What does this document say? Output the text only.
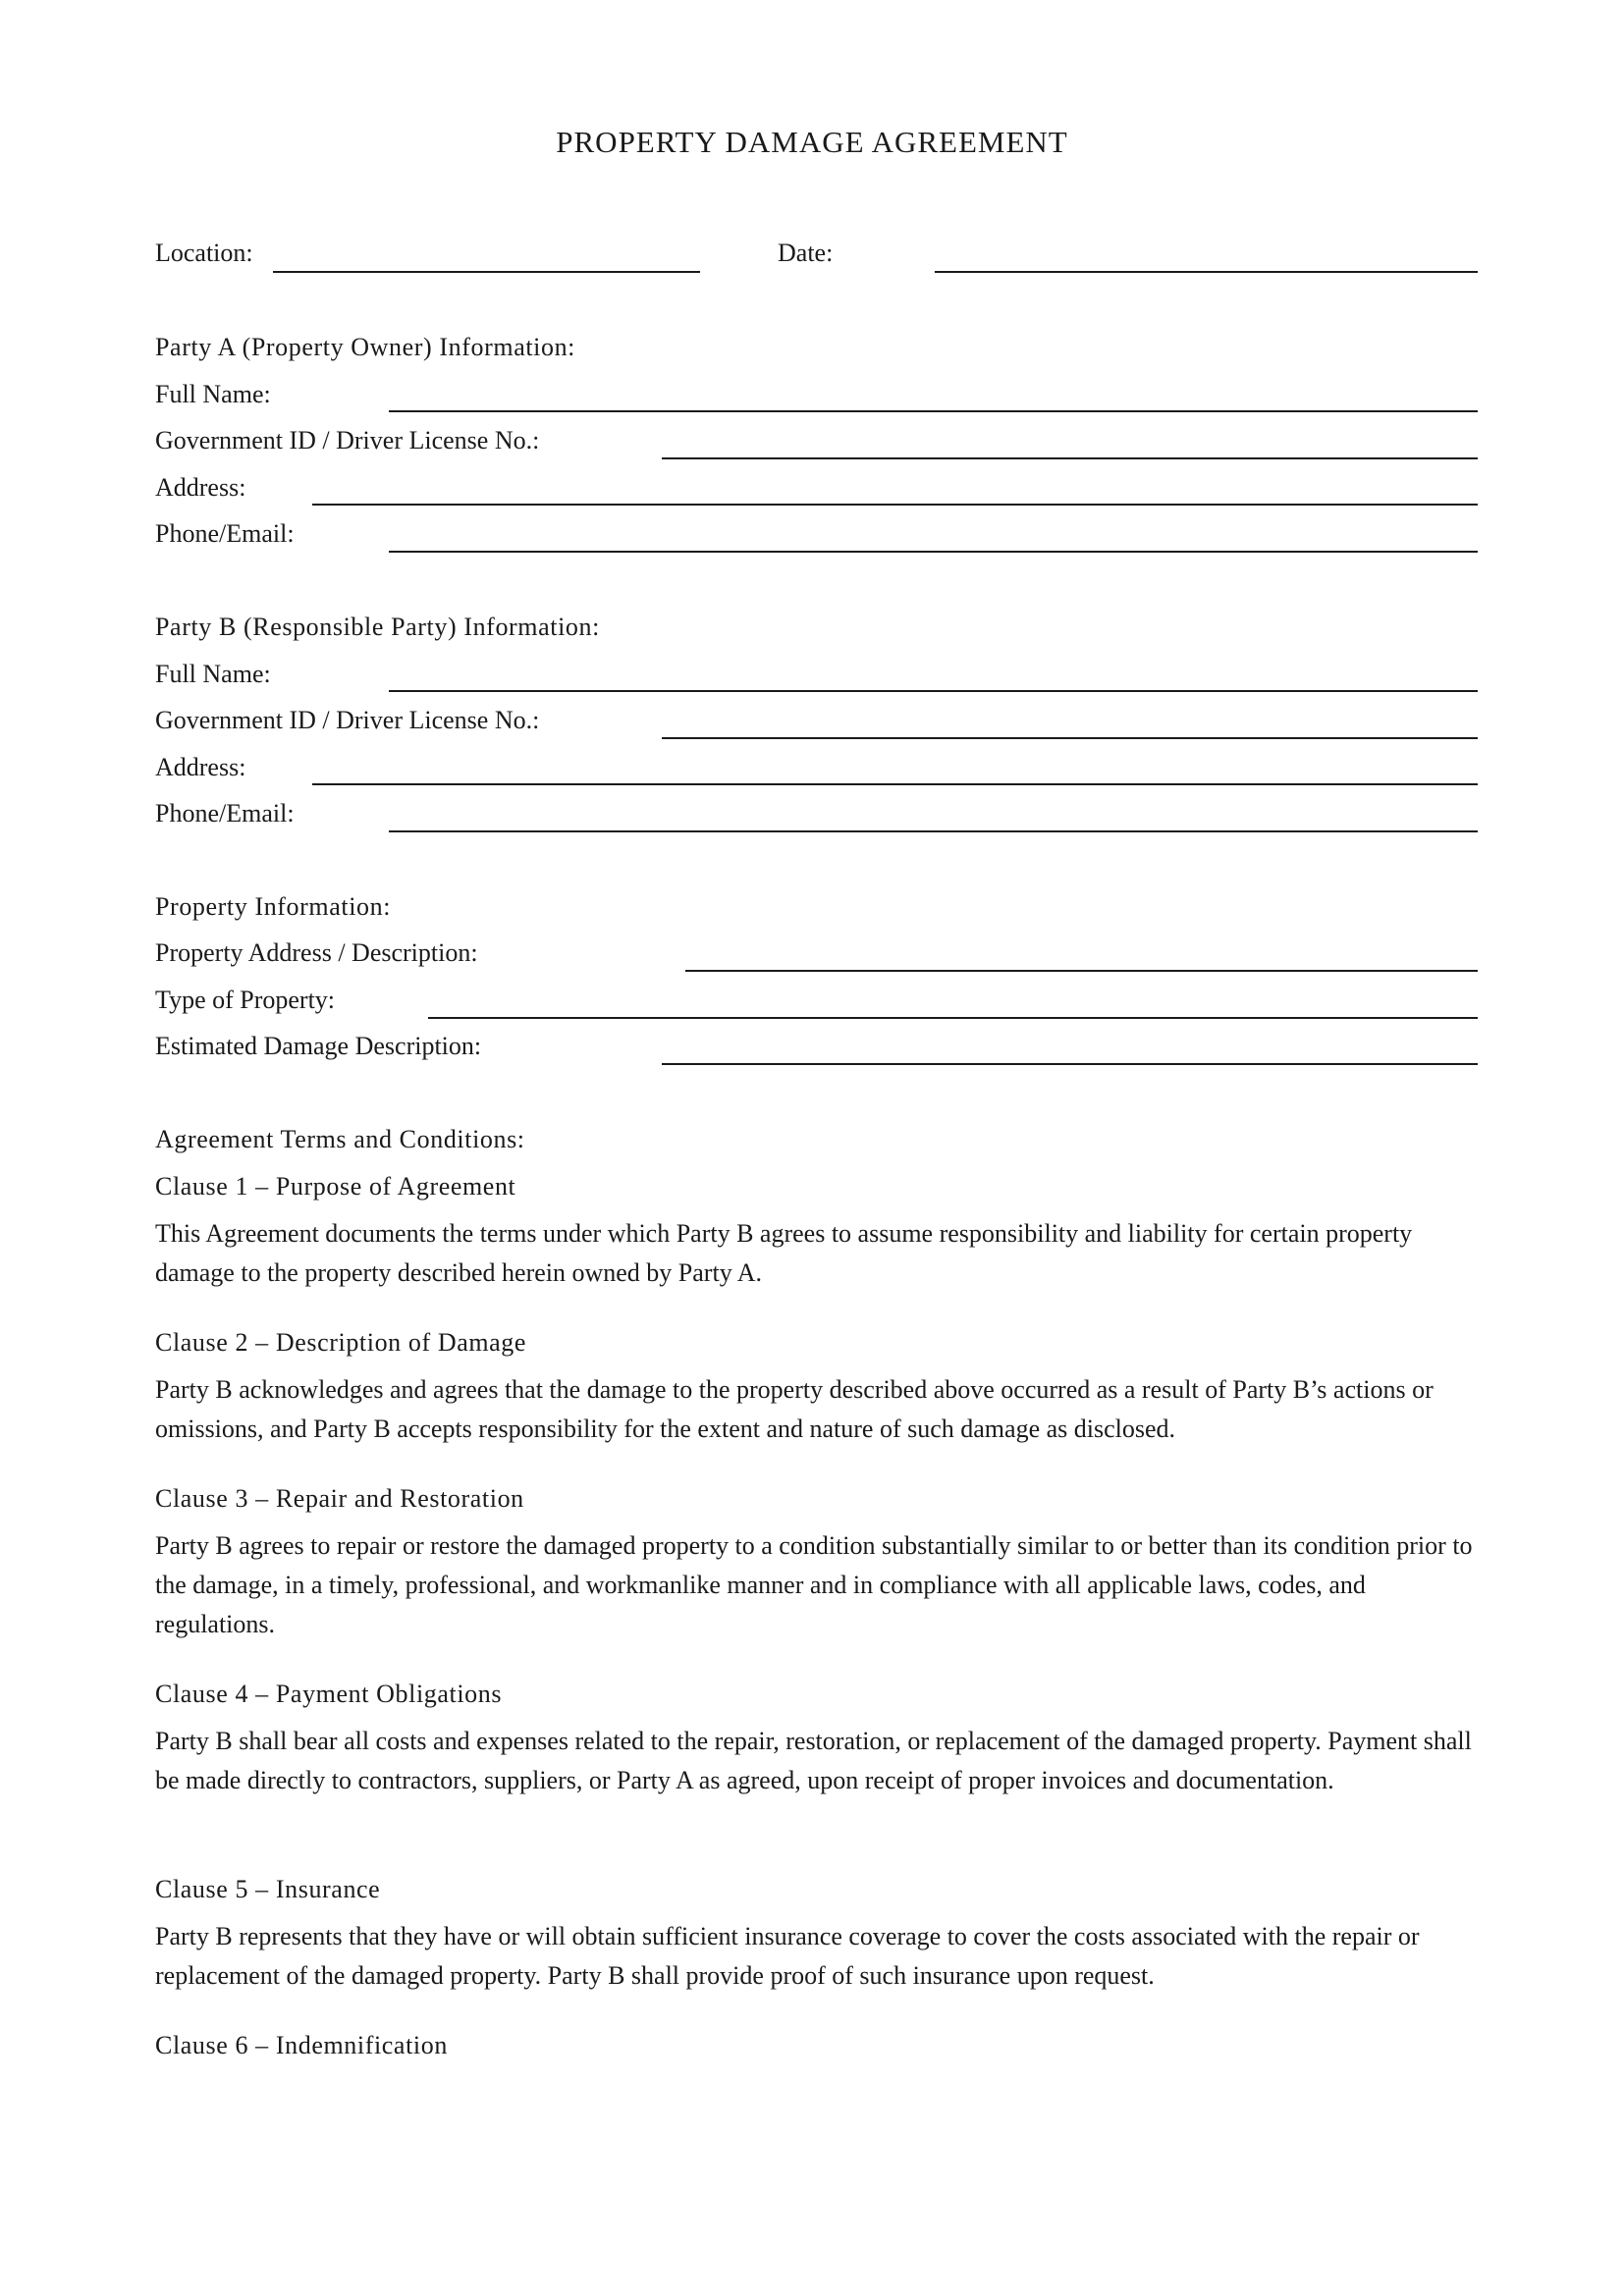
PROPERTY DAMAGE AGREEMENT
Location:	Date:
Party A (Property Owner) Information:
Full Name:
Government ID / Driver License No.:
Address:
Phone/Email:
Party B (Responsible Party) Information:
Full Name:
Government ID / Driver License No.:
Address:
Phone/Email:
Property Information:
Property Address / Description:
Type of Property:
Estimated Damage Description:
Agreement Terms and Conditions:
Clause 1 – Purpose of Agreement
This Agreement documents the terms under which Party B agrees to assume responsibility and liability for certain property damage to the property described herein owned by Party A.
Clause 2 – Description of Damage
Party B acknowledges and agrees that the damage to the property described above occurred as a result of Party B’s actions or omissions, and Party B accepts responsibility for the extent and nature of such damage as disclosed.
Clause 3 – Repair and Restoration
Party B agrees to repair or restore the damaged property to a condition substantially similar to or better than its condition prior to the damage, in a timely, professional, and workmanlike manner and in compliance with all applicable laws, codes, and regulations.
Clause 4 – Payment Obligations
Party B shall bear all costs and expenses related to the repair, restoration, or replacement of the damaged property. Payment shall be made directly to contractors, suppliers, or Party A as agreed, upon receipt of proper invoices and documentation.
Clause 5 – Insurance
Party B represents that they have or will obtain sufficient insurance coverage to cover the costs associated with the repair or replacement of the damaged property. Party B shall provide proof of such insurance upon request.
Clause 6 – Indemnification
